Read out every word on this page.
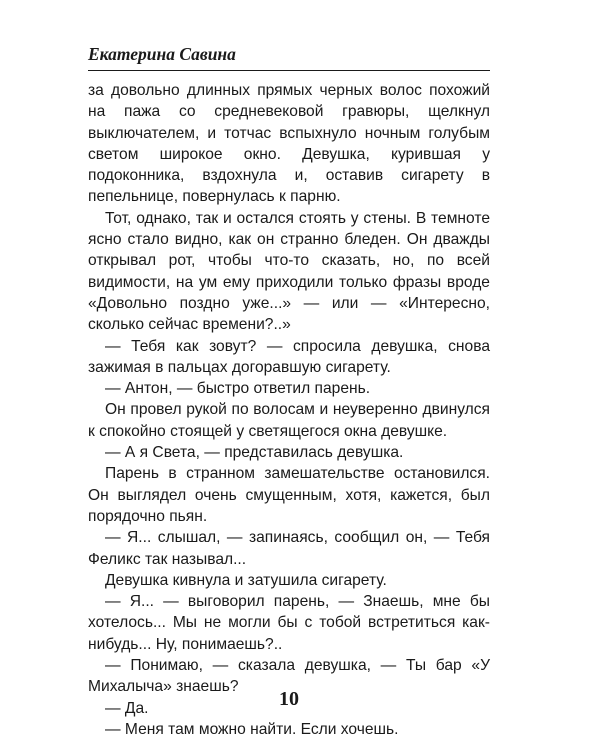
Екатерина Савина

за довольно длинных прямых черных волос похожий на пажа со средневековой гравюры, щелкнул выключателем, и тотчас вспыхнуло ночным голубым светом широкое окно. Девушка, курившая у подоконника, вздохнула и, оставив сигарету в пепельнице, повернулась к парню.

Тот, однако, так и остался стоять у стены. В темноте ясно стало видно, как он странно бледен. Он дважды открывал рот, чтобы что-то сказать, но, по всей видимости, на ум ему приходили только фразы вроде «Довольно поздно уже...» — или — «Интересно, сколько сейчас времени?..»

— Тебя как зовут? — спросила девушка, снова зажимая в пальцах догоравшую сигарету.

— Антон, — быстро ответил парень.

Он провел рукой по волосам и неуверенно двинулся к спокойно стоящей у светящегося окна девушке.

— А я Света, — представилась девушка.

Парень в странном замешательстве остановился. Он выглядел очень смущенным, хотя, кажется, был порядочно пьян.

— Я... слышал, — запинаясь, сообщил он, — Тебя Феликс так называл...

Девушка кивнула и затушила сигарету.

— Я... — выговорил парень, — Знаешь, мне бы хотелось... Мы не могли бы с тобой встретиться как-нибудь... Ну, понимаешь?..

— Понимаю, — сказала девушка, — Ты бар «У Михалыча» знаешь?

— Да.

— Меня там можно найти. Если хочешь.

10
